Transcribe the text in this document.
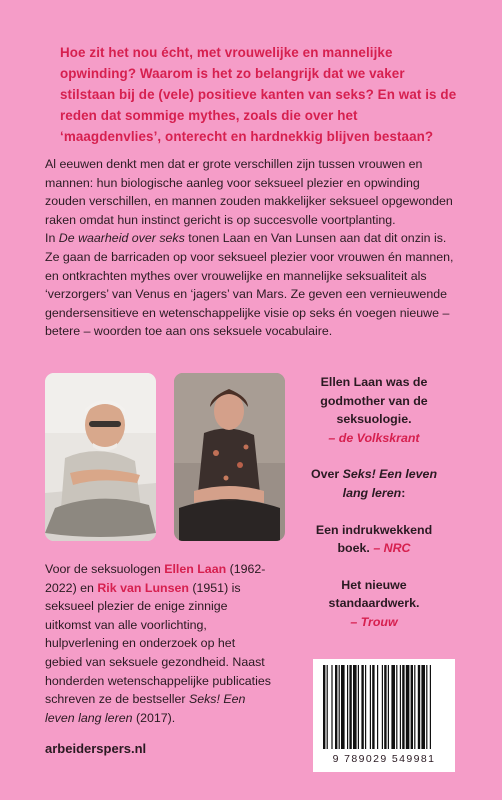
Hoe zit het nou écht, met vrouwelijke en mannelijke opwinding? Waarom is het zo belangrijk dat we vaker stilstaan bij de (vele) positieve kanten van seks? En wat is de reden dat sommige mythes, zoals die over het ‘maagdenvlies’, onterecht en hardnekkig blijven bestaan?

Al eeuwen denkt men dat er grote verschillen zijn tussen vrouwen en mannen: hun biologische aanleg voor seksueel plezier en opwinding zouden verschillen, en mannen zouden makkelijker seksueel opgewonden raken omdat hun instinct gericht is op succesvolle voortplanting.

In De waarheid over seks tonen Laan en Van Lunsen aan dat dit onzin is. Ze gaan de barricaden op voor seksueel plezier voor vrouwen én mannen, en ontkrachten mythes over vrouwelijke en mannelijke seksualiteit als ‘verzorgers’ van Venus en ‘jagers’ van Mars. Ze geven een vernieuwende gendersensitieve en wetenschappelijke visie op seks én voegen nieuwe – betere – woorden toe aan ons seksuele vocabulaire.

Voor de seksuologen Ellen Laan (1962-2022) en Rik van Lunsen (1951) is seksueel plezier de enige zinnige uitkomst van alle voorlichting, hulpverlening en onderzoek op het gebied van seksuele gezondheid. Naast honderden wetenschappelijke publicaties schreven ze de bestseller Seks! Een leven lang leren (2017).
Ellen Laan was de godmother van de seksuologie.
– de Volkskrant
Over Seks! Een leven lang leren:
Een indrukwekkend boek. – NRC
Het nieuwe standaardwerk.
– Trouw
arbeiderspers.nl
9 789029 549981
